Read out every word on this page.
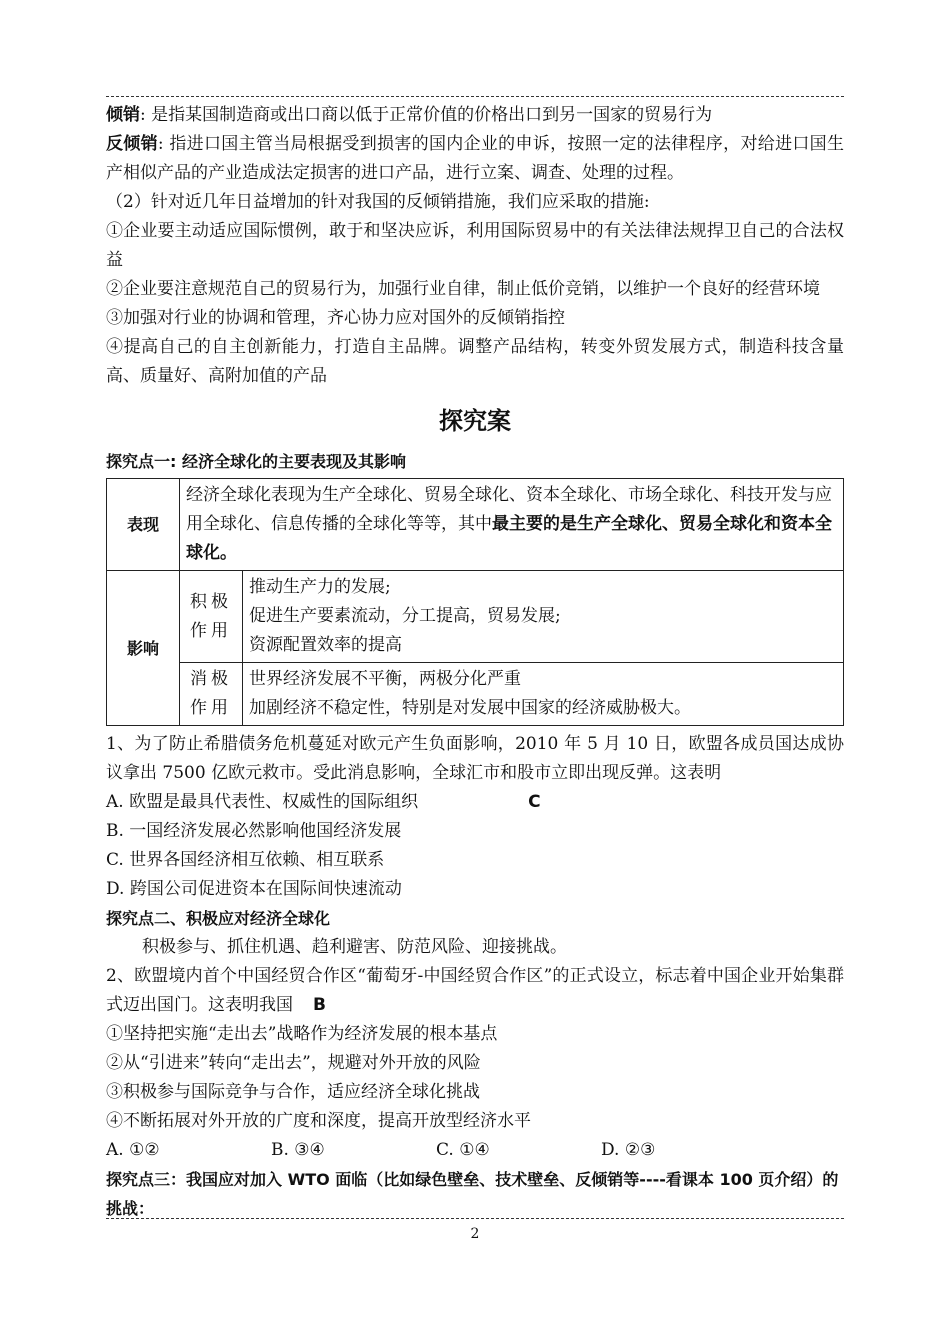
倾销: 是指某国制造商或出口商以低于正常价值的价格出口到另一国家的贸易行为

反倾销: 指进口国主管当局根据受到损害的国内企业的申诉，按照一定的法律程序，对给进口国生产相似产品的产业造成法定损害的进口产品，进行立案、调查、处理的过程。

（2）针对近几年日益增加的针对我国的反倾销措施，我们应采取的措施:

①企业要主动适应国际惯例，敢于和坚决应诉，利用国际贸易中的有关法律法规捍卫自己的合法权益

②企业要注意规范自己的贸易行为，加强行业自律，制止低价竞销，以维护一个良好的经营环境

③加强对行业的协调和管理，齐心协力应对国外的反倾销指控

④提高自己的自主创新能力，打造自主品牌。调整产品结构，转变外贸发展方式，制造科技含量高、质量好、高附加值的产品

探究案

探究点一: 经济全球化的主要表现及其影响

表现	经济全球化表现为生产全球化、贸易全球化、资本全球化、市场全球化、科技开发与应用全球化、信息传播的全球化等等，其中最主要的是生产全球化、贸易全球化和资本全球化。	
影响	积极作用	推动生产力的发展;
促进生产要素流动，分工提高，贸易发展;
资源配置效率的提高

	消极作用	世界经济发展不平衡，两极分化严重
加剧经济不稳定性，特别是对发展中国家的经济威胁极大。

1、为了防止希腊债务危机蔓延对欧元产生负面影响，2010 年 5 月 10 日，欧盟各成员国达成协议拿出 7500 亿欧元救市。受此消息影响，全球汇市和股市立即出现反弹。这表明

A. 欧盟是最具代表性、权威性的国际组织	C

B. 一国经济发展必然影响他国经济发展

C. 世界各国经济相互依赖、相互联系

D. 跨国公司促进资本在国际间快速流动

探究点二、积极应对经济全球化

积极参与、抓住机遇、趋利避害、防范风险、迎接挑战。

2、欧盟境内首个中国经贸合作区“葡萄牙-中国经贸合作区”的正式设立，标志着中国企业开始集群式迈出国门。这表明我国 B

①坚持把实施“走出去”战略作为经济发展的根本基点

②从“引进来”转向“走出去”，规避对外开放的风险

③积极参与国际竞争与合作，适应经济全球化挑战

④不断拓展对外开放的广度和深度，提高开放型经济水平

A. ①②	B. ③④	C. ①④	D. ②③

探究点三：我国应对加入 WTO 面临（比如绿色壁垒、技术壁垒、反倾销等----看课本 100 页介绍）的挑战：

2
